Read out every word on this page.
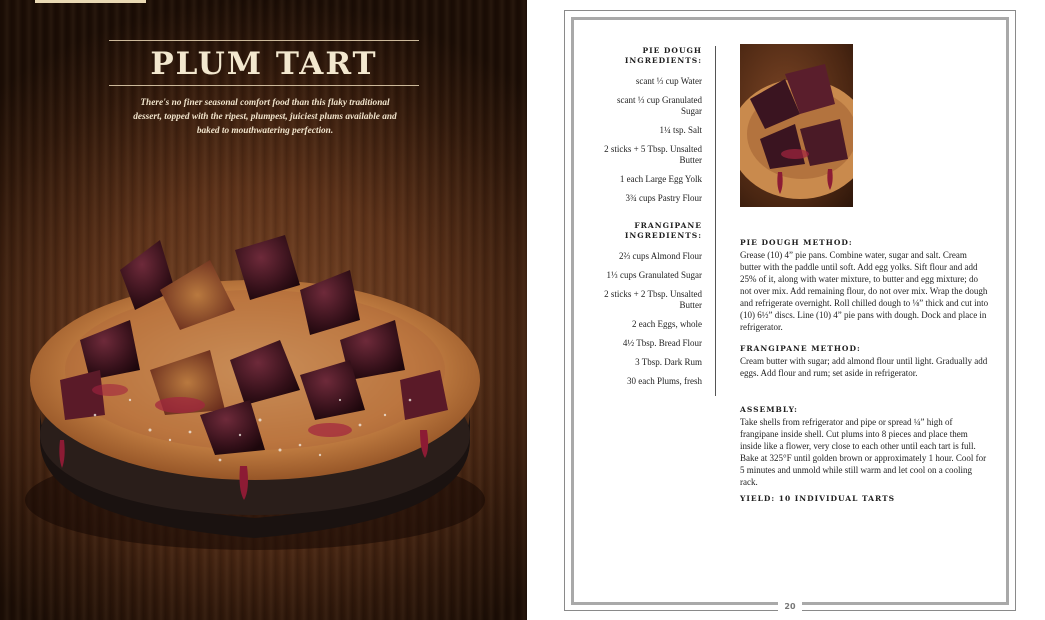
PLUM TART

There's no finer seasonal comfort food than this flaky traditional dessert, topped with the ripest, plumpest, juiciest plums available and baked to mouthwatering perfection.

PIE DOUGH INGREDIENTS:
scant ⅓ cup Water
scant ⅓ cup Granulated Sugar
1¼ tsp. Salt
2 sticks + 5 Tbsp. Unsalted Butter
1 each Large Egg Yolk
3¾ cups Pastry Flour
FRANGIPANE INGREDIENTS:
2⅔ cups Almond Flour
1⅓ cups Granulated Sugar
2 sticks + 2 Tbsp. Unsalted Butter
2 each Eggs, whole
4½ Tbsp. Bread Flour
3 Tbsp. Dark Rum
30 each Plums, fresh
PIE DOUGH METHOD:

Grease (10) 4” pie pans. Combine water, sugar and salt. Cream butter with the paddle until soft. Add egg yolks. Sift flour and add 25% of it, along with water mixture, to butter and egg mixture; do not over mix. Add remaining flour, do not over mix. Wrap the dough and refrigerate overnight. Roll chilled dough to ⅛” thick and cut into (10) 6½” discs. Line (10) 4” pie pans with dough. Dock and place in refrigerator.

FRANGIPANE METHOD:

Cream butter with sugar; add almond flour until light. Gradually add eggs. Add flour and rum; set aside in refrigerator.

ASSEMBLY:

Take shells from refrigerator and pipe or spread ¼” high of frangipane inside shell. Cut plums into 8 pieces and place them inside like a flower, very close to each other until each tart is full. Bake at 325°F until golden brown or approximately 1 hour. Cool for 5 minutes and unmold while still warm and let cool on a cooling rack.

YIELD: 10 INDIVIDUAL TARTS
20
